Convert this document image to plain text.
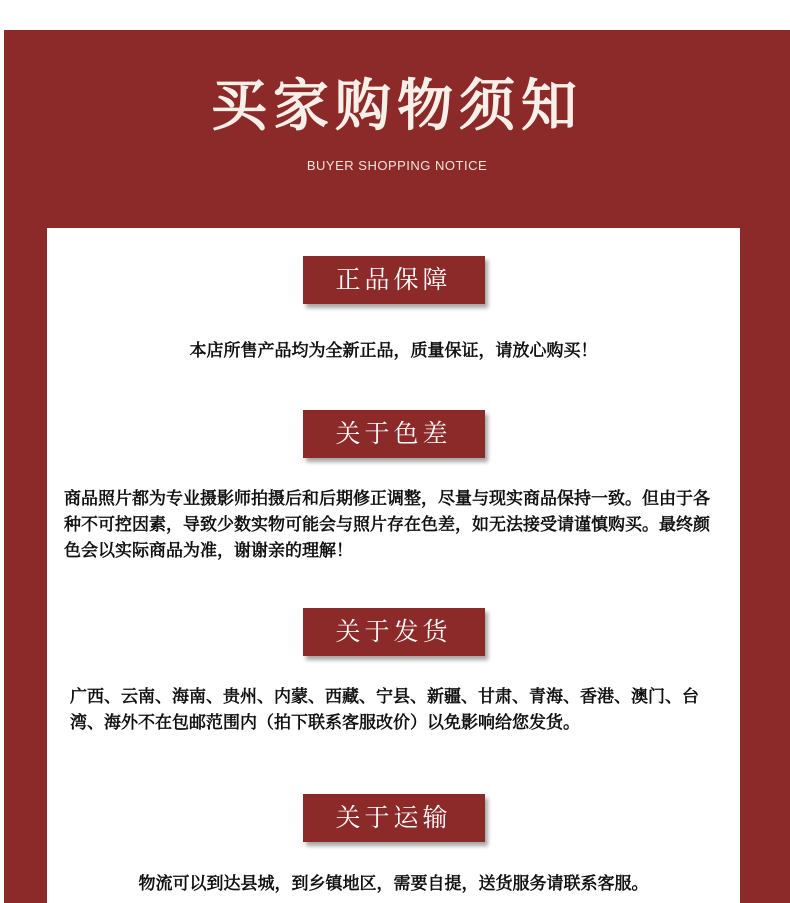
买家购物须知
BUYER SHOPPING NOTICE
正品保障
本店所售产品均为全新正品，质量保证，请放心购买！
关于色差
商品照片都为专业摄影师拍摄后和后期修正调整，尽量与现实商品保持一致。但由于各种不可控因素，导致少数实物可能会与照片存在色差，如无法接受请谨慎购买。最终颜色会以实际商品为准，谢谢亲的理解！
关于发货
广西、云南、海南、贵州、内蒙、西藏、宁县、新疆、甘肃、青海、香港、澳门、台湾、海外不在包邮范围内（拍下联系客服改价）以免影响给您发货。
关于运输
物流可以到达县城，到乡镇地区，需要自提，送货服务请联系客服。
